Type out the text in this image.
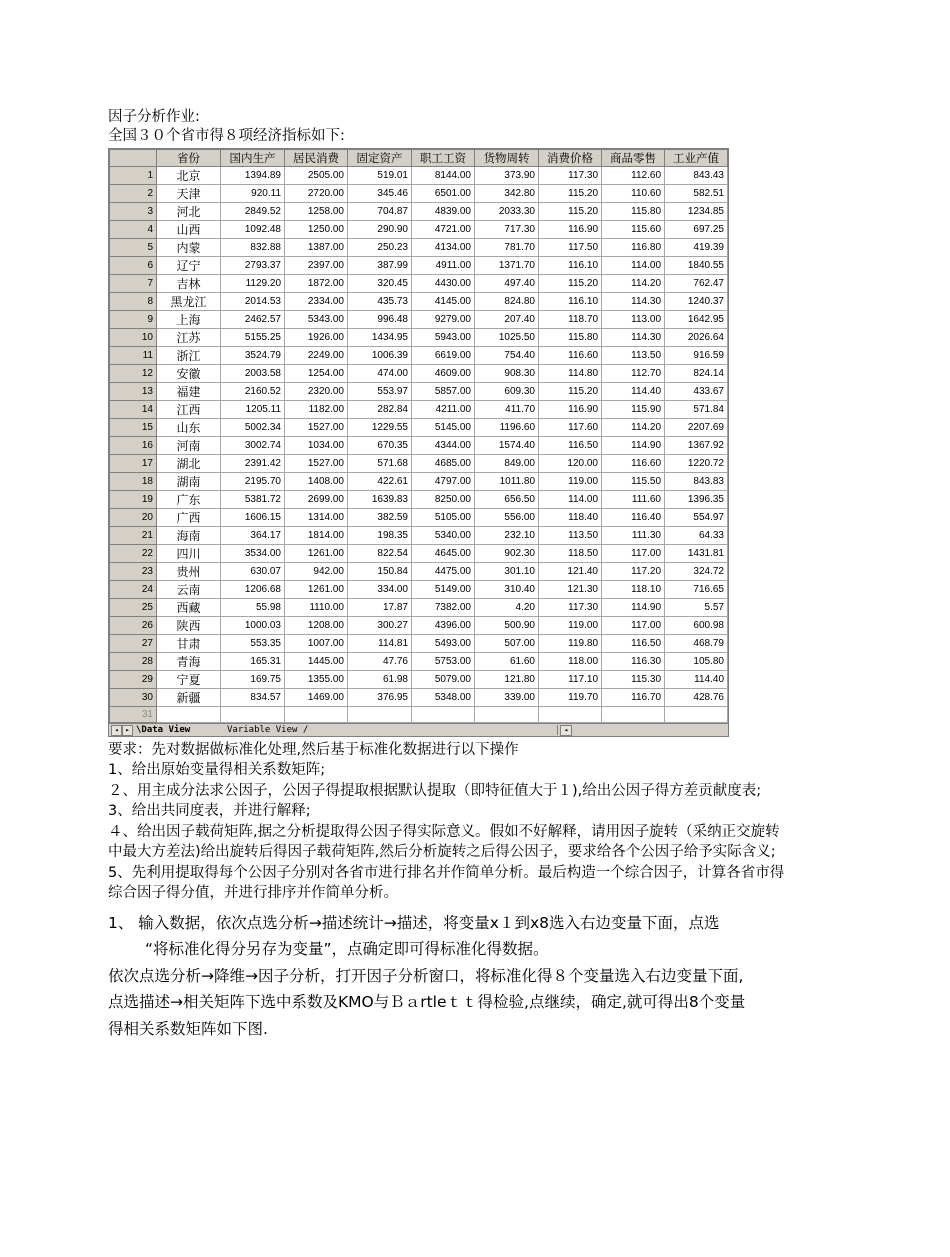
因子分析作业:
全国３０个省市得８项经济指标如下:
	省份	国内生产	居民消费	固定资产	职工工资	货物周转	消费价格	商品零售	工业产值
1	北京	1394.89	2505.00	519.01	8144.00	373.90	117.30	112.60	843.43
2	天津	920.11	2720.00	345.46	6501.00	342.80	115.20	110.60	582.51
3	河北	2849.52	1258.00	704.87	4839.00	2033.30	115.20	115.80	1234.85
4	山西	1092.48	1250.00	290.90	4721.00	717.30	116.90	115.60	697.25
5	内蒙	832.88	1387.00	250.23	4134.00	781.70	117.50	116.80	419.39
6	辽宁	2793.37	2397.00	387.99	4911.00	1371.70	116.10	114.00	1840.55
7	吉林	1129.20	1872.00	320.45	4430.00	497.40	115.20	114.20	762.47
8	黑龙江	2014.53	2334.00	435.73	4145.00	824.80	116.10	114.30	1240.37
9	上海	2462.57	5343.00	996.48	9279.00	207.40	118.70	113.00	1642.95
10	江苏	5155.25	1926.00	1434.95	5943.00	1025.50	115.80	114.30	2026.64
11	浙江	3524.79	2249.00	1006.39	6619.00	754.40	116.60	113.50	916.59
12	安徽	2003.58	1254.00	474.00	4609.00	908.30	114.80	112.70	824.14
13	福建	2160.52	2320.00	553.97	5857.00	609.30	115.20	114.40	433.67
14	江西	1205.11	1182.00	282.84	4211.00	411.70	116.90	115.90	571.84
15	山东	5002.34	1527.00	1229.55	5145.00	1196.60	117.60	114.20	2207.69
16	河南	3002.74	1034.00	670.35	4344.00	1574.40	116.50	114.90	1367.92
17	湖北	2391.42	1527.00	571.68	4685.00	849.00	120.00	116.60	1220.72
18	湖南	2195.70	1408.00	422.61	4797.00	1011.80	119.00	115.50	843.83
19	广东	5381.72	2699.00	1639.83	8250.00	656.50	114.00	111.60	1396.35
20	广西	1606.15	1314.00	382.59	5105.00	556.00	118.40	116.40	554.97
21	海南	364.17	1814.00	198.35	5340.00	232.10	113.50	111.30	64.33
22	四川	3534.00	1261.00	822.54	4645.00	902.30	118.50	117.00	1431.81
23	贵州	630.07	942.00	150.84	4475.00	301.10	121.40	117.20	324.72
24	云南	1206.68	1261.00	334.00	5149.00	310.40	121.30	118.10	716.65
25	西藏	55.98	1110.00	17.87	7382.00	4.20	117.30	114.90	5.57
26	陕西	1000.03	1208.00	300.27	4396.00	500.90	119.00	117.00	600.98
27	甘肃	553.35	1007.00	114.81	5493.00	507.00	119.80	116.50	468.79
28	青海	165.31	1445.00	47.76	5753.00	61.60	118.00	116.30	105.80
29	宁夏	169.75	1355.00	61.98	5079.00	121.80	117.10	115.30	114.40
30	新疆	834.57	1469.00	376.95	5348.00	339.00	119.70	116.70	428.76
31									
◂ ▸ \Data View	Variable View /	◂
要求：先对数据做标准化处理,然后基于标准化数据进行以下操作
1、给出原始变量得相关系数矩阵;
２、用主成分法求公因子，公因子得提取根据默认提取（即特征值大于１),给出公因子得方差贡献度表;
3、给出共同度表，并进行解释;
４、给出因子载荷矩阵,据之分析提取得公因子得实际意义。假如不好解释，请用因子旋转（采纳正交旋转
中最大方差法)给出旋转后得因子载荷矩阵,然后分析旋转之后得公因子，要求给各个公因子给予实际含义;
5、先利用提取得每个公因子分别对各省市进行排名并作简单分析。最后构造一个综合因子，计算各省市得
综合因子得分值，并进行排序并作简单分析。
1、 输入数据，依次点选分析→描述统计→描述，将变量x１到x8选入右边变量下面，点选
“将标准化得分另存为变量”，点确定即可得标准化得数据。
依次点选分析→降维→因子分析，打开因子分析窗口，将标准化得８个变量选入右边变量下面,
点选描述→相关矩阵下选中系数及KMO与Ｂａrtleｔｔ得检验,点继续，确定,就可得出8个变量
得相关系数矩阵如下图.
